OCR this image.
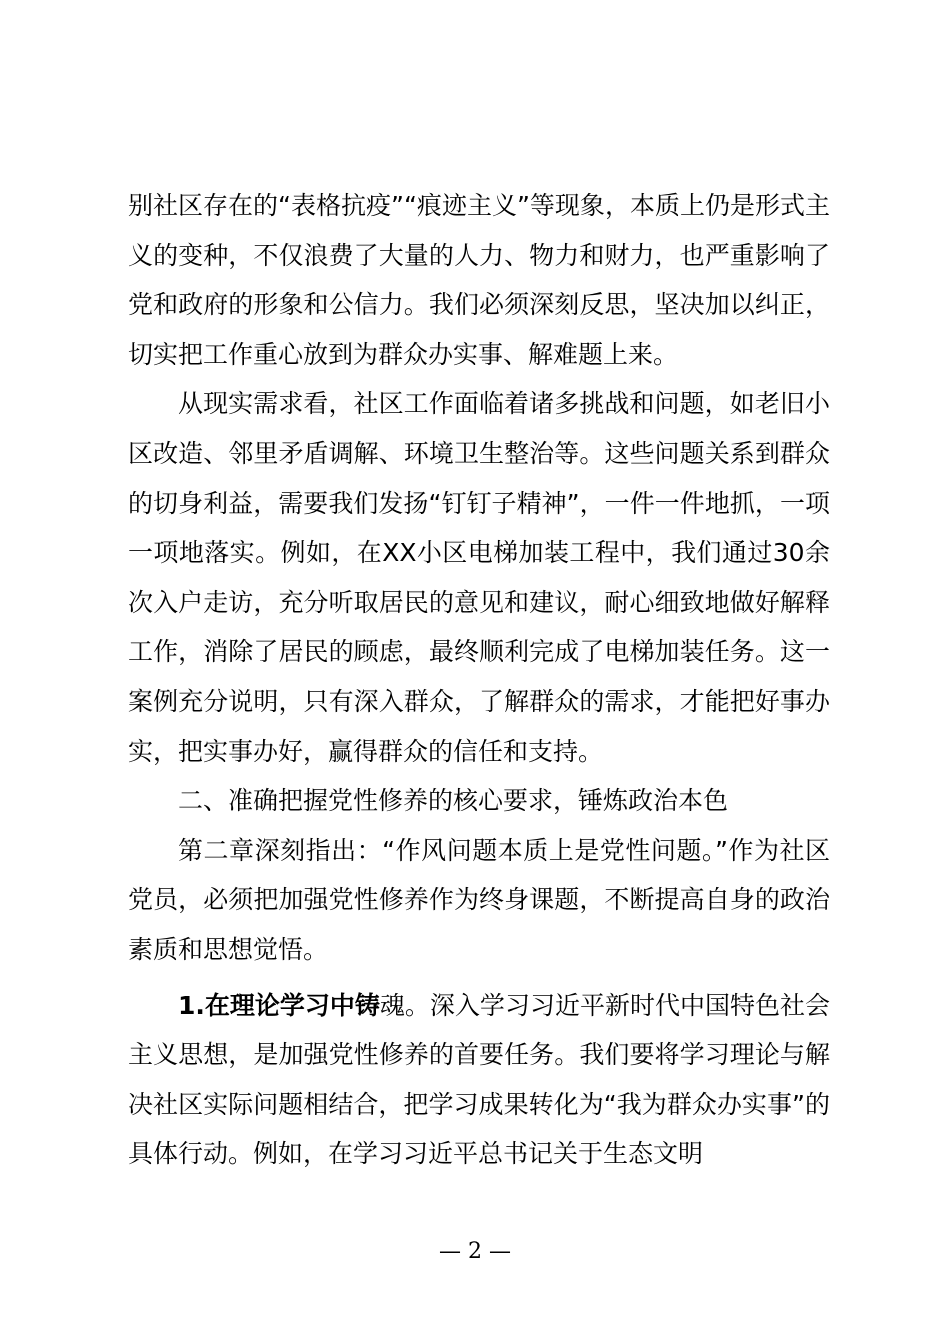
别社区存在的“表格抗疫”“痕迹主义”等现象，本质上仍是形式主义的变种，不仅浪费了大量的人力、物力和财力，也严重影响了党和政府的形象和公信力。我们必须深刻反思，坚决加以纠正，切实把工作重心放到为群众办实事、解难题上来。

从现实需求看，社区工作面临着诸多挑战和问题，如老旧小区改造、邻里矛盾调解、环境卫生整治等。这些问题关系到群众的切身利益，需要我们发扬“钉钉子精神”，一件一件地抓，一项一项地落实。例如，在XX小区电梯加装工程中，我们通过30余次入户走访，充分听取居民的意见和建议，耐心细致地做好解释工作，消除了居民的顾虑，最终顺利完成了电梯加装任务。这一案例充分说明，只有深入群众，了解群众的需求，才能把好事办实，把实事办好，赢得群众的信任和支持。

二、准确把握党性修养的核心要求，锤炼政治本色

第二章深刻指出：“作风问题本质上是党性问题。”作为社区党员，必须把加强党性修养作为终身课题，不断提高自身的政治素质和思想觉悟。

1.在理论学习中铸魂。深入学习习近平新时代中国特色社会主义思想，是加强党性修养的首要任务。我们要将学习理论与解决社区实际问题相结合，把学习成果转化为“我为群众办实事”的具体行动。例如，在学习习近平总书记关于生态文明

— 2 —
